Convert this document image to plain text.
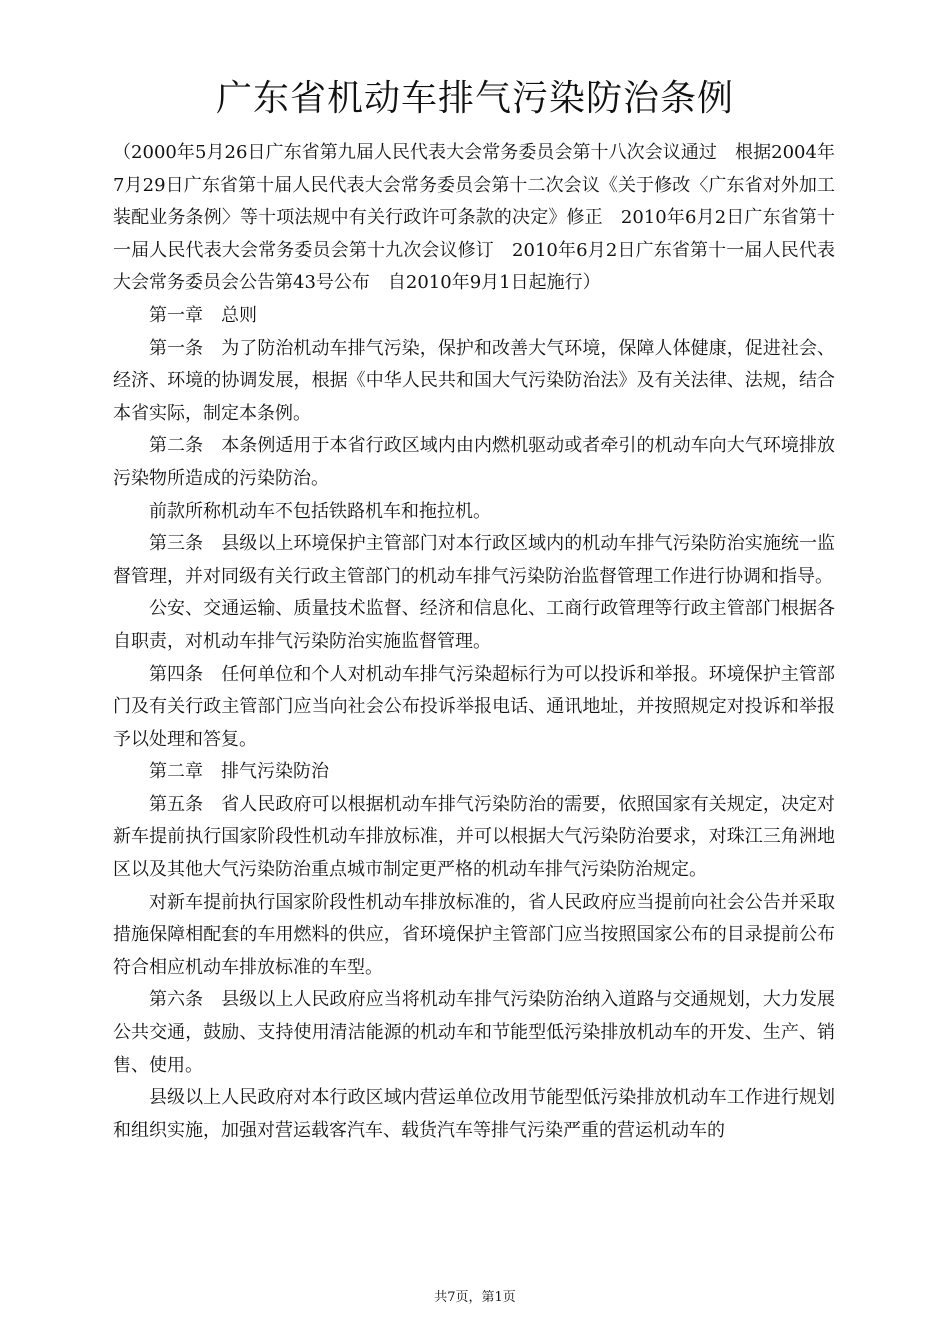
广东省机动车排气污染防治条例

（2000年5月26日广东省第九届人民代表大会常务委员会第十八次会议通过　根据2004年7月29日广东省第十届人民代表大会常务委员会第十二次会议《关于修改〈广东省对外加工装配业务条例〉等十项法规中有关行政许可条款的决定》修正　2010年6月2日广东省第十一届人民代表大会常务委员会第十九次会议修订　2010年6月2日广东省第十一届人民代表大会常务委员会公告第43号公布　自2010年9月1日起施行）

第一章　总则

第一条　为了防治机动车排气污染，保护和改善大气环境，保障人体健康，促进社会、经济、环境的协调发展，根据《中华人民共和国大气污染防治法》及有关法律、法规，结合本省实际，制定本条例。

第二条　本条例适用于本省行政区域内由内燃机驱动或者牵引的机动车向大气环境排放污染物所造成的污染防治。

前款所称机动车不包括铁路机车和拖拉机。

第三条　县级以上环境保护主管部门对本行政区域内的机动车排气污染防治实施统一监督管理，并对同级有关行政主管部门的机动车排气污染防治监督管理工作进行协调和指导。

公安、交通运输、质量技术监督、经济和信息化、工商行政管理等行政主管部门根据各自职责，对机动车排气污染防治实施监督管理。

第四条　任何单位和个人对机动车排气污染超标行为可以投诉和举报。环境保护主管部门及有关行政主管部门应当向社会公布投诉举报电话、通讯地址，并按照规定对投诉和举报予以处理和答复。

第二章　排气污染防治

第五条　省人民政府可以根据机动车排气污染防治的需要，依照国家有关规定，决定对新车提前执行国家阶段性机动车排放标准，并可以根据大气污染防治要求，对珠江三角洲地区以及其他大气污染防治重点城市制定更严格的机动车排气污染防治规定。

对新车提前执行国家阶段性机动车排放标准的，省人民政府应当提前向社会公告并采取措施保障相配套的车用燃料的供应，省环境保护主管部门应当按照国家公布的目录提前公布符合相应机动车排放标准的车型。

第六条　县级以上人民政府应当将机动车排气污染防治纳入道路与交通规划，大力发展公共交通，鼓励、支持使用清洁能源的机动车和节能型低污染排放机动车的开发、生产、销售、使用。

县级以上人民政府对本行政区域内营运单位改用节能型低污染排放机动车工作进行规划和组织实施，加强对营运载客汽车、载货汽车等排气污染严重的营运机动车的

共7页，第1页
